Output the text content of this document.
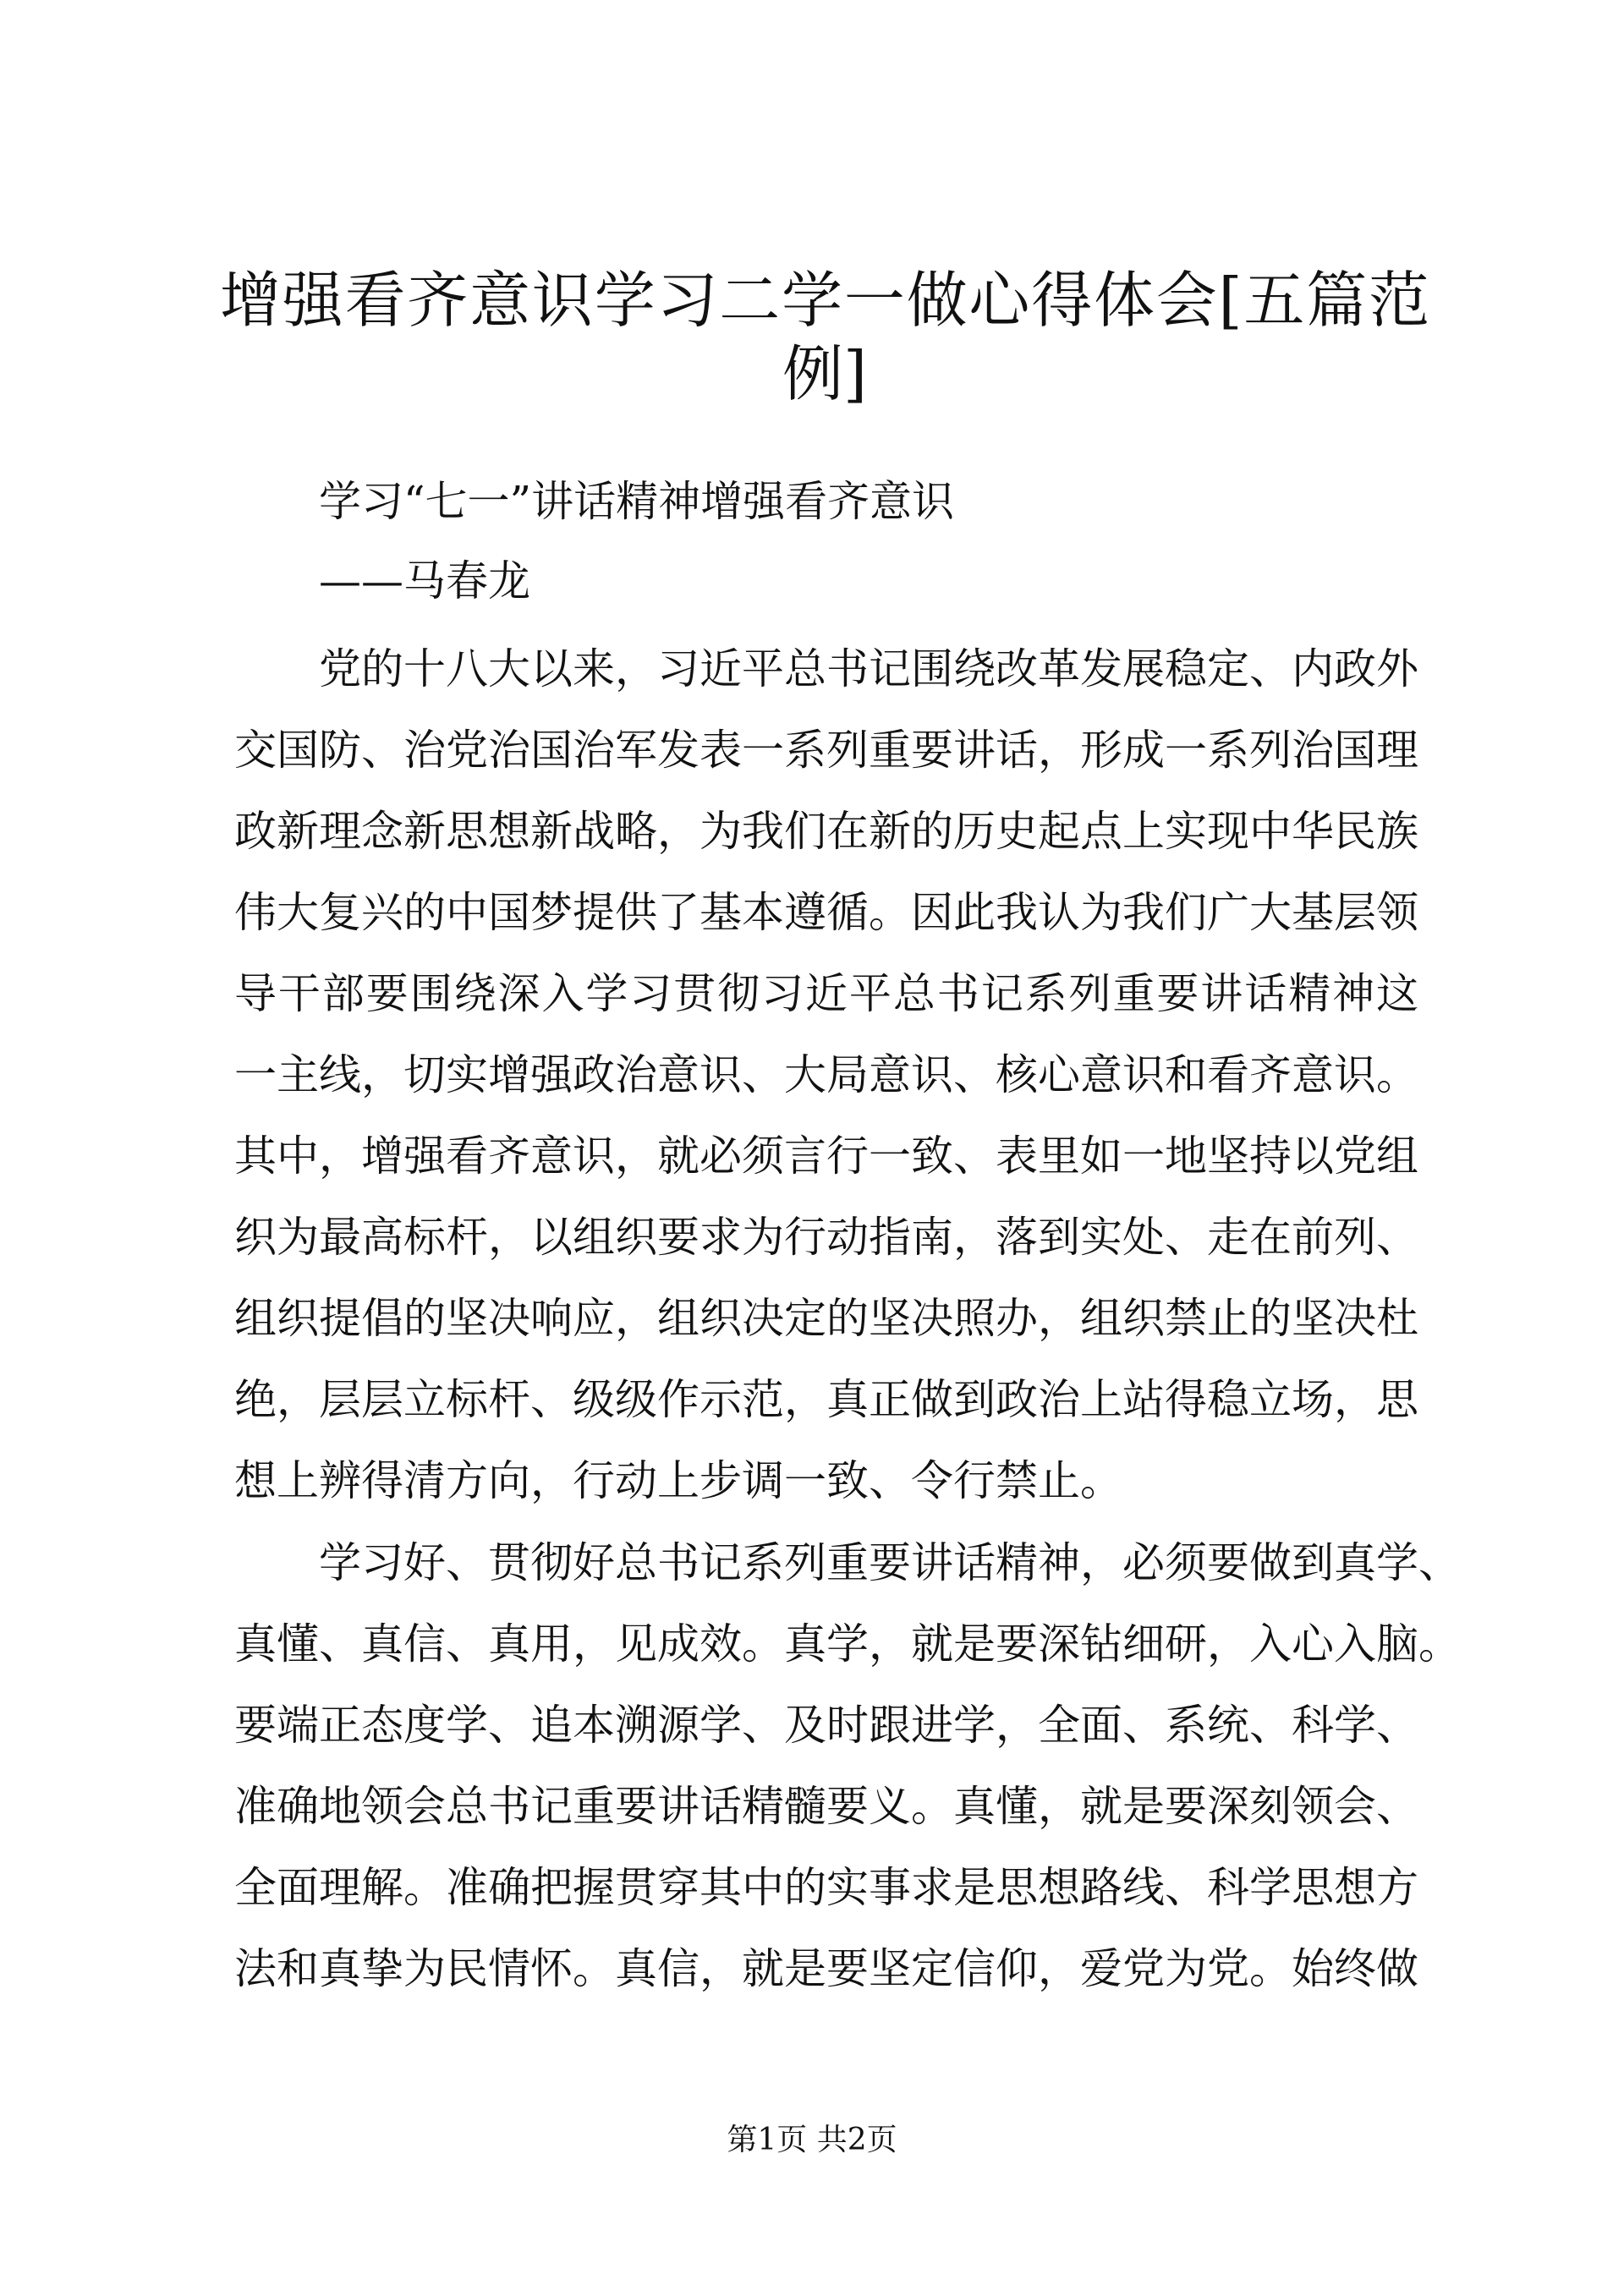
增强看齐意识学习二学一做心得体会[五篇范
例]
学习“七一”讲话精神增强看齐意识
——马春龙
党的十八大以来，习近平总书记围绕改革发展稳定、内政外
交国防、治党治国治军发表一系列重要讲话，形成一系列治国理
政新理念新思想新战略，为我们在新的历史起点上实现中华民族
伟大复兴的中国梦提供了基本遵循。因此我认为我们广大基层领
导干部要围绕深入学习贯彻习近平总书记系列重要讲话精神这
一主线，切实增强政治意识、大局意识、核心意识和看齐意识。
其中，增强看齐意识，就必须言行一致、表里如一地坚持以党组
织为最高标杆，以组织要求为行动指南，落到实处、走在前列、
组织提倡的坚决响应，组织决定的坚决照办，组织禁止的坚决杜
绝，层层立标杆、级级作示范，真正做到政治上站得稳立场，思
想上辨得清方向，行动上步调一致、令行禁止。
学习好、贯彻好总书记系列重要讲话精神，必须要做到真学、
真懂、真信、真用，见成效。真学，就是要深钻细研，入心入脑。
要端正态度学、追本溯源学、及时跟进学，全面、系统、科学、
准确地领会总书记重要讲话精髓要义。真懂，就是要深刻领会、
全面理解。准确把握贯穿其中的实事求是思想路线、科学思想方
法和真挚为民情怀。真信，就是要坚定信仰，爱党为党。始终做
第1页 共2页
